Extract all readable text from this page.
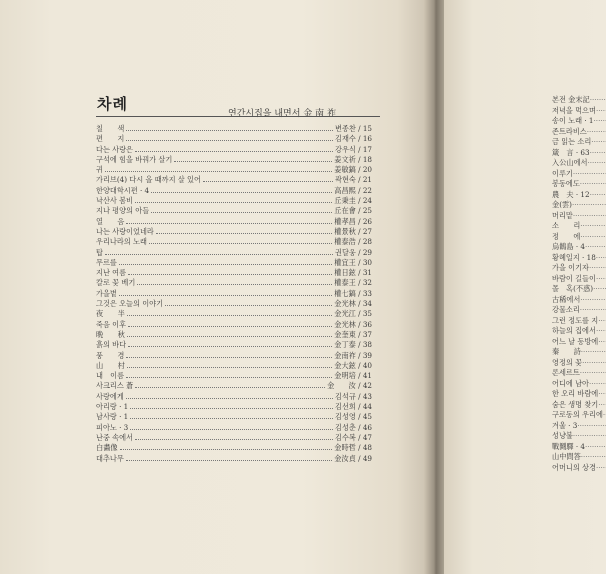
차례
연간시집을 내면서 金 南 祚
칠　　색	변종찬 / 15
편　　지	김재수 / 16
다는 사랑은	강우식 / 17
구석에 힘을 바꿔가 살기	姜文祈 / 18
귀	姜敏鎬 / 20
가리브(4) 다시 올 때까지 살 있어	곽현숙 / 21
한양대학시편 · 4	高昌熙 / 22
낙산사 봄비	丘秉圭 / 24
지나 평양의 아들	丘在會 / 25
열　　음	權孝昌 / 26
나는 사랑이었네라	權景秋 / 27
우리나라의 노래	權泰浩 / 28
탑	권달웅 / 29
무르를	權宜王 / 30
지난 여름	權日鉉 / 31
칼로 꽃 베기	權泰王 / 32
가을볕	權七鎬 / 33
그것은 오늘의 이야기	金光林 / 34
夜　　半	金光江 / 35
죽음 이후	金光林 / 36
晩　　秋	金奎東 / 37
흙의 바다	金丁泰 / 38
풍　　경	金南祚 / 39
山　　村	金大鉉 / 40
내　이름	金明培 / 41
사크리스 蒼	金　　汝 / 42
사랑에게	김석규 / 43
아리랑 · 1	김선희 / 44
남사랑 · 1	김성영 / 45
피아노 · 3	김성춘 / 46
난중 속에서	김수복 / 47
白畵像	金時哲 / 48
대추나무	金汝貞 / 49
본전 金末記 ·····
저녁을 먹으며 ·····
송이 노래 · 1 ·····
존트라비스 ·····
금 읽는 소리 ·····
箴　言 · 63 ·····
入公山에서 ·····
이루기 ·····
봉동에도 ·····
農　夫 · 12 ·····
金(雲) ·····
머리맡 ·····
소　　리 ·····
정　　에 ·····
烏鵲島 · 4 ·····
황혜일지 · 18 ·····
가을 이기자 ·····
바람이 길들이 ·····
몰　혹(不惑) ·····
古稀에서 ·····
강물소리 ·····
그런 정도를 지 ·····
하늘의 집에서 ·····
어느 날 동방에 ·····
秦　　詩 ·····
영정의 꽃 ·····
론세르트 ·····
어디에 남아 ·····
한 오리 바람에 ·····
숨은 생명 찾기 ·····
구로동의 우리에 ·····
겨울 · 3 ·····
성냥불 ·····
戰鬪驛 · 4 ·····
山中問答 ·····
어머니의 상경 ·····
